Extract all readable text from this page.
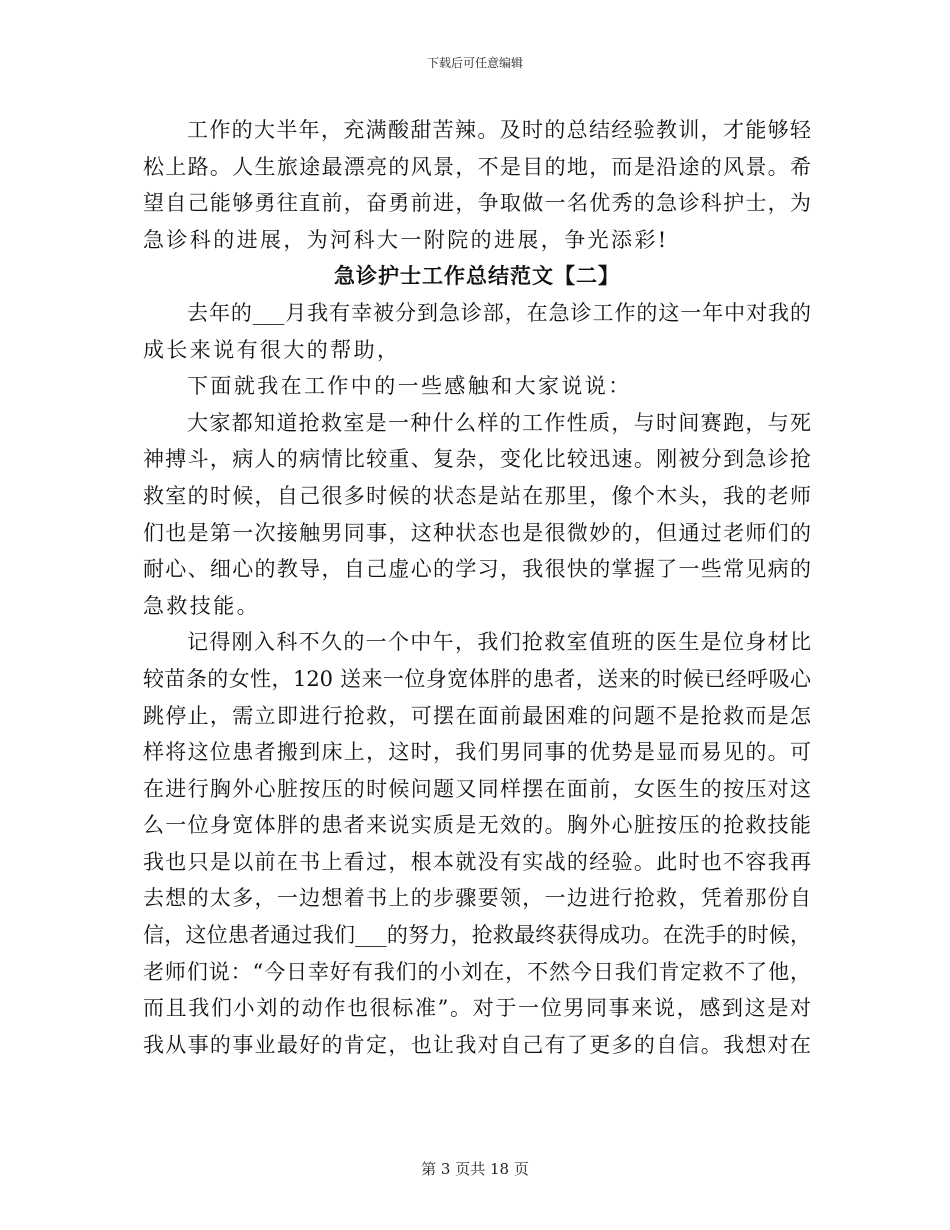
下载后可任意编辑
工作的大半年，充满酸甜苦辣。及时的总结经验教训，才能够轻
松上路。人生旅途最漂亮的风景，不是目的地，而是沿途的风景。希
望自己能够勇往直前，奋勇前进，争取做一名优秀的急诊科护士，为
急诊科的进展，为河科大一附院的进展，争光添彩!
急诊护士工作总结范文【二】
去年的___月我有幸被分到急诊部，在急诊工作的这一年中对我的
成长来说有很大的帮助，
下面就我在工作中的一些感触和大家说说：
大家都知道抢救室是一种什么样的工作性质，与时间赛跑，与死
神搏斗，病人的病情比较重、复杂，变化比较迅速。刚被分到急诊抢
救室的时候，自己很多时候的状态是站在那里，像个木头，我的老师
们也是第一次接触男同事，这种状态也是很微妙的，但通过老师们的
耐心、细心的教导，自己虚心的学习，我很快的掌握了一些常见病的
急救技能。
记得刚入科不久的一个中午，我们抢救室值班的医生是位身材比
较苗条的女性，120 送来一位身宽体胖的患者，送来的时候已经呼吸心
跳停止，需立即进行抢救，可摆在面前最困难的问题不是抢救而是怎
样将这位患者搬到床上，这时，我们男同事的优势是显而易见的。可
在进行胸外心脏按压的时候问题又同样摆在面前，女医生的按压对这
么一位身宽体胖的患者来说实质是无效的。胸外心脏按压的抢救技能
我也只是以前在书上看过，根本就没有实战的经验。此时也不容我再
去想的太多，一边想着书上的步骤要领，一边进行抢救，凭着那份自
信，这位患者通过我们___的努力，抢救最终获得成功。在洗手的时候，
老师们说：“今日幸好有我们的小刘在，不然今日我们肯定救不了他，
而且我们小刘的动作也很标准”。对于一位男同事来说，感到这是对
我从事的事业最好的肯定，也让我对自己有了更多的自信。我想对在
第 3 页共 18 页
